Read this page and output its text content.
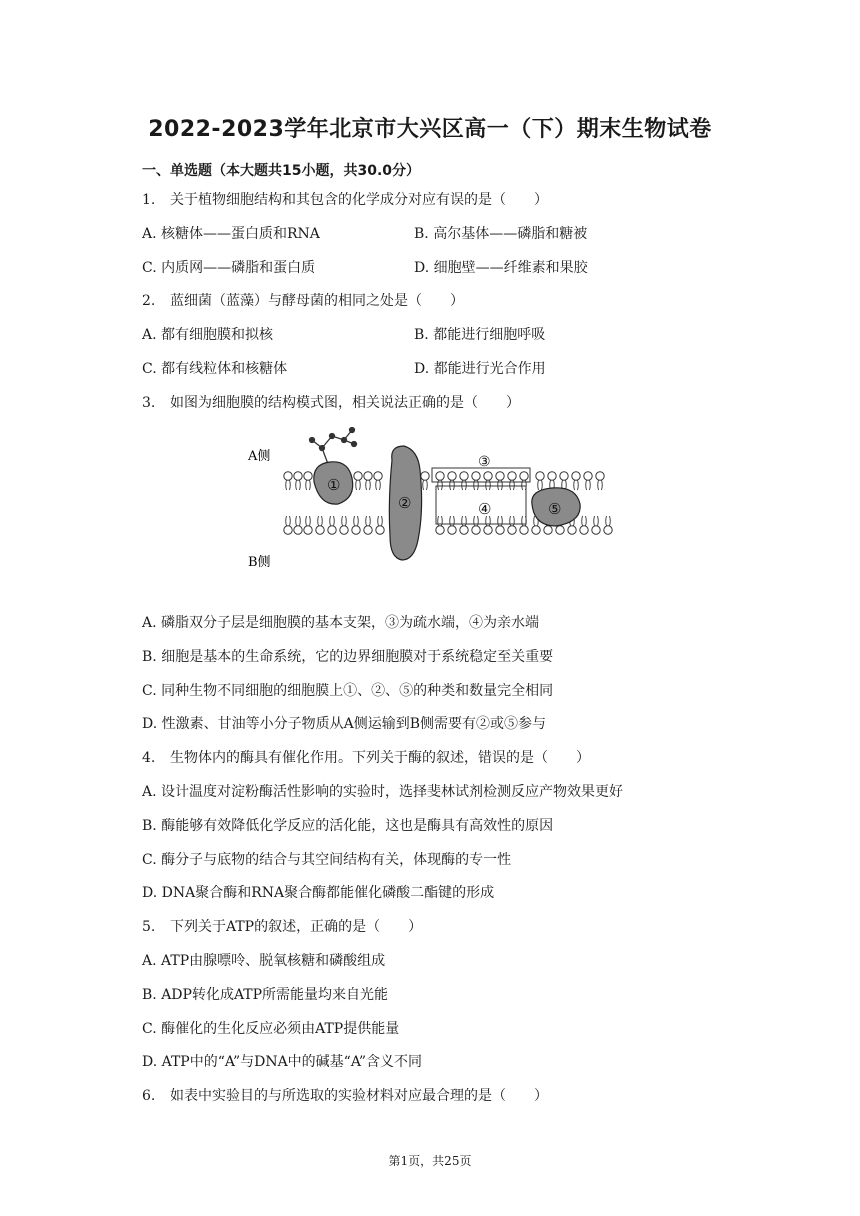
2022-2023学年北京市大兴区高一（下）期末生物试卷
一、单选题（本大题共15小题，共30.0分）
1. 关于植物细胞结构和其包含的化学成分对应有误的是（　　）
A. 核糖体——蛋白质和RNA	B. 高尔基体——磷脂和糖被
C. 内质网——磷脂和蛋白质	D. 细胞壁——纤维素和果胶
2. 蓝细菌（蓝藻）与酵母菌的相同之处是（　　）
A. 都有细胞膜和拟核	B. 都能进行细胞呼吸
C. 都有线粒体和核糖体	D. 都能进行光合作用
3. 如图为细胞膜的结构模式图，相关说法正确的是（　　）
A侧
B侧
①
②
③
④	⑤
A. 磷脂双分子层是细胞膜的基本支架，③为疏水端，④为亲水端
B. 细胞是基本的生命系统，它的边界细胞膜对于系统稳定至关重要
C. 同种生物不同细胞的细胞膜上①、②、⑤的种类和数量完全相同
D. 性激素、甘油等小分子物质从A侧运输到B侧需要有②或⑤参与
4. 生物体内的酶具有催化作用。下列关于酶的叙述，错误的是（　　）
A. 设计温度对淀粉酶活性影响的实验时，选择斐林试剂检测反应产物效果更好
B. 酶能够有效降低化学反应的活化能，这也是酶具有高效性的原因
C. 酶分子与底物的结合与其空间结构有关，体现酶的专一性
D. DNA聚合酶和RNA聚合酶都能催化磷酸二酯键的形成
5. 下列关于ATP的叙述，正确的是（　　）
A. ATP由腺嘌呤、脱氧核糖和磷酸组成
B. ADP转化成ATP所需能量均来自光能
C. 酶催化的生化反应必须由ATP提供能量
D. ATP中的“A”与DNA中的碱基“A”含义不同
6. 如表中实验目的与所选取的实验材料对应最合理的是（　　）
第1页，共25页
